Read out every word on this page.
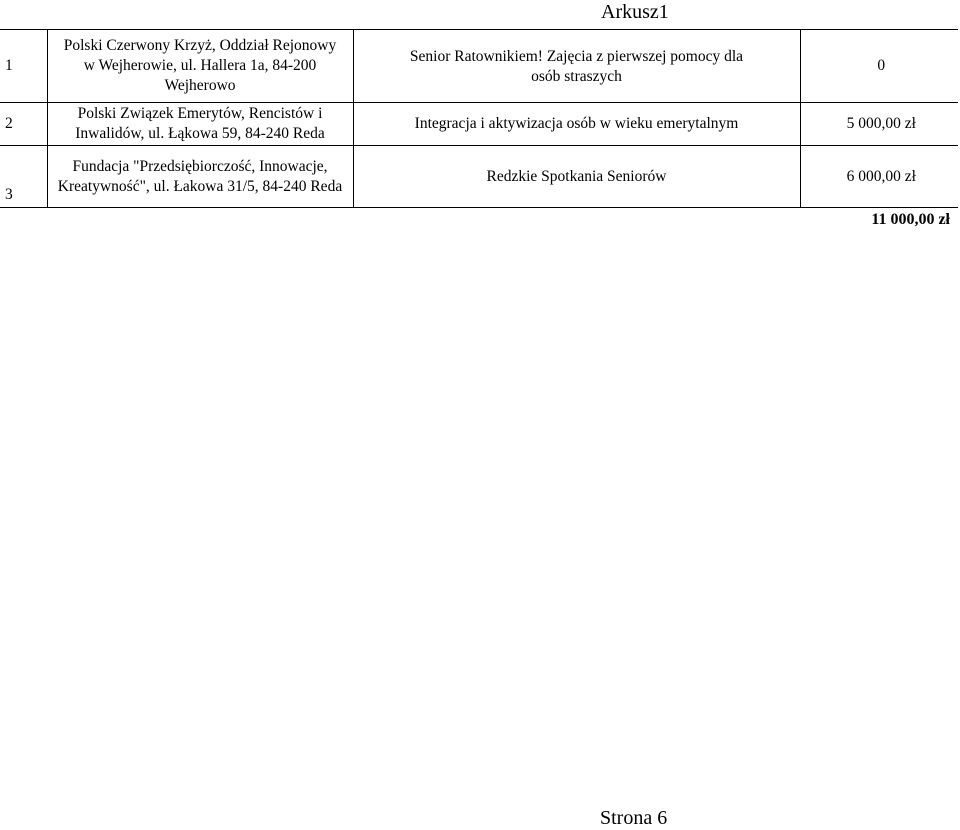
Arkusz1
1	Polski Czerwony Krzyż, Oddział Rejonowy w Wejherowie, ul. Hallera 1a, 84-200 Wejherowo	Senior Ratownikiem! Zajęcia z pierwszej pomocy dla osób straszych	0
2	Polski Związek Emerytów, Rencistów i Inwalidów, ul. Łąkowa 59, 84-240 Reda	Integracja i aktywizacja osób w wieku emerytalnym	5 000,00 zł
3	Fundacja "Przedsiębiorczość, Innowacje, Kreatywność", ul. Łakowa 31/5, 84-240 Reda	Redzkie Spotkania Seniorów	6 000,00 zł
11 000,00 zł
Strona 6
